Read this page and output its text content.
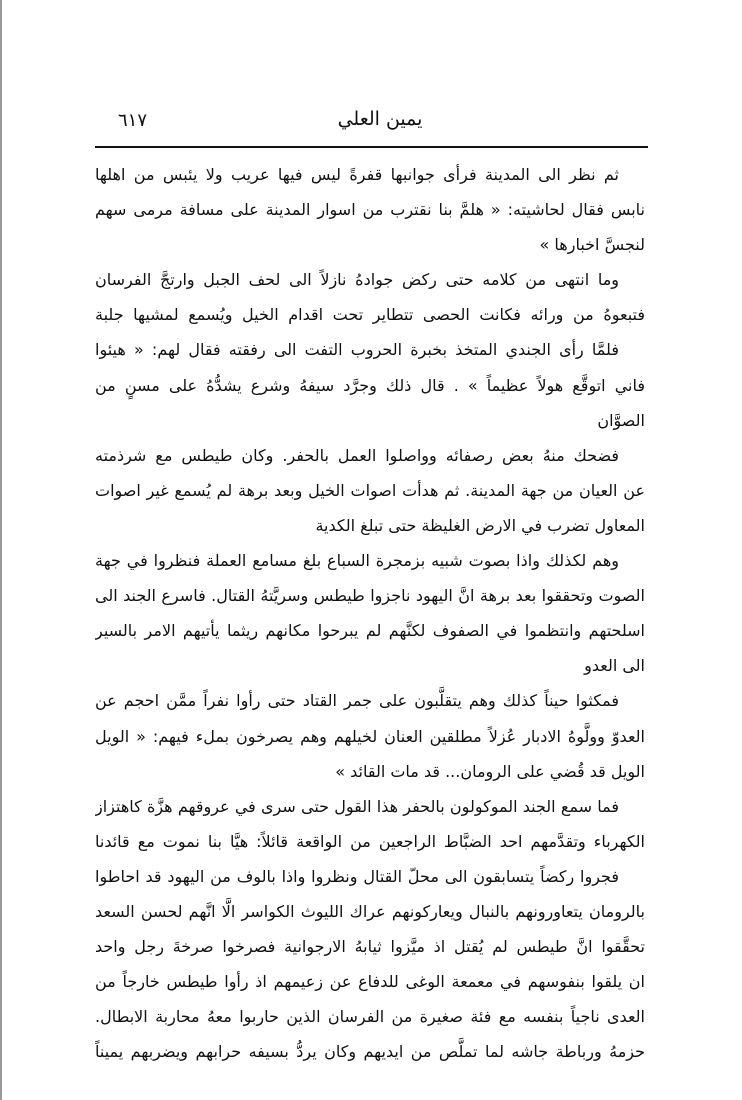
٦١٧	يمين العلي
ثم نظر الى المدينة فرأى جوانبها قفرةً ليس فيها عريب ولا يئبس من اهلها
نابس فقال لحاشيته: « هلمَّ بنا نقترب من اسوار المدينة على مسافة مرمى سهم
لنجسَّ اخبارها »
وما انتهى من كلامه حتى ركض جوادهُ نازلاً الى لحف الجبل وارتجَّ الفرسان
فتبعوهُ من ورائه فكانت الحصى تتطاير تحت اقدام الخيل ويُسمع لمشيها جلبة
فلمَّا رأى الجندي المتخذ بخبرة الحروب التفت الى رفقته فقال لهم: « هيئوا
فاني اتوقَّع هولاً عظيماً » . قال ذلك وجرَّد سيفهُ وشرع يشدُّهُ على مسنٍ من
الصوَّان
فضحك منهُ بعض رصفائه وواصلوا العمل بالحفر. وكان طيطس مع شرذمته
عن العيان من جهة المدينة. ثم هدأت اصوات الخيل وبعد برهة لم يُسمع غير اصوات
المعاول تضرب في الارض الغليظة حتى تبلغ الكدية
وهم لكذلك واذا بصوت شبيه بزمجرة السباع بلغ مسامع العملة فنظروا في جهة
الصوت وتحققوا بعد برهة انَّ اليهود ناجزوا طيطس وسريَّتهُ القتال. فاسرع الجند الى
اسلحتهم وانتظموا في الصفوف لكنَّهم لم يبرحوا مكانهم ريثما يأتيهم الامر بالسير
الى العدو
فمكثوا حيناً كذلك وهم يتقلَّبون على جمر القتاد حتى رأوا نفراً ممَّن احجم عن
العدوّ وولَّوهُ الادبار عُزلاً مطلقين العنان لخيلهم وهم يصرخون بملء فيهم: « الويل
الويل قد قُضي على الرومان... قد مات القائد »
فما سمع الجند الموكولون بالحفر هذا القول حتى سرى في عروقهم هزَّة كاهتزاز
الكهرباء وتقدَّمهم احد الضبَّاط الراجعين من الواقعة قائلاً: هيَّا بنا نموت مع قائدنا
فجروا ركضاً يتسابقون الى محلّ القتال ونظروا واذا بالوف من اليهود قد احاطوا
بالرومان يتعاورونهم بالنبال ويعاركونهم عراك الليوث الكواسر الَّا انَّهم لحسن السعد
تحقَّقوا انَّ طيطس لم يُقتل اذ ميَّزوا ثيابهُ الارجوانية فصرخوا صرخةَ رجل واحد
ان يلقوا بنفوسهم في معمعة الوغى للدفاع عن زعيمهم اذ رأوا طيطس خارجاً من
العدى ناجياً بنفسه مع فئة صغيرة من الفرسان الذين حاربوا معهُ محاربة الابطال.
حزمهُ ورباطة جاشه لما تملَّص من ايديهم وكان يردُّ بسيفه حرابهم ويضربهم يميناً
